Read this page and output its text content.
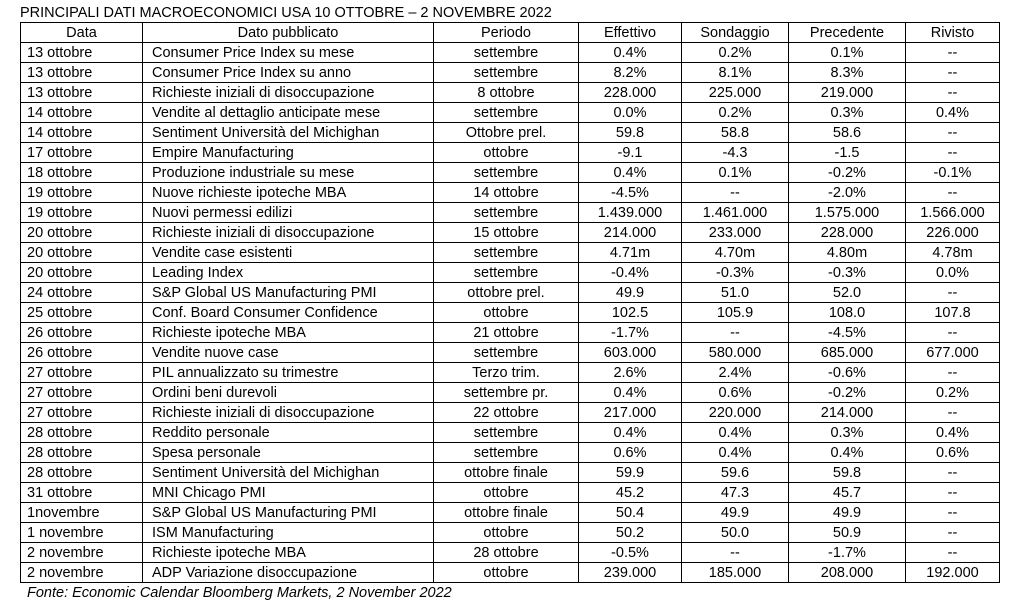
PRINCIPALI DATI MACROECONOMICI USA 10 OTTOBRE – 2 NOVEMBRE 2022
Data	Dato pubblicato	Periodo	Effettivo	Sondaggio	Precedente	Rivisto
13 ottobre	Consumer Price Index su mese	settembre	0.4%	0.2%	0.1%	--
13 ottobre	Consumer Price Index su anno	settembre	8.2%	8.1%	8.3%	--
13 ottobre	Richieste iniziali di disoccupazione	8 ottobre	228.000	225.000	219.000	--
14 ottobre	Vendite al dettaglio anticipate mese	settembre	0.0%	0.2%	0.3%	0.4%
14 ottobre	Sentiment Università del Michighan	Ottobre prel.	59.8	58.8	58.6	--
17 ottobre	Empire Manufacturing	ottobre	-9.1	-4.3	-1.5	--
18 ottobre	Produzione industriale su mese	settembre	0.4%	0.1%	-0.2%	-0.1%
19 ottobre	Nuove richieste ipoteche MBA	14 ottobre	-4.5%	--	-2.0%	--
19 ottobre	Nuovi permessi edilizi	settembre	1.439.000	1.461.000	1.575.000	1.566.000
20 ottobre	Richieste iniziali di disoccupazione	15 ottobre	214.000	233.000	228.000	226.000
20 ottobre	Vendite case esistenti	settembre	4.71m	4.70m	4.80m	4.78m
20 ottobre	Leading Index	settembre	-0.4%	-0.3%	-0.3%	0.0%
24 ottobre	S&P Global US Manufacturing PMI	ottobre prel.	49.9	51.0	52.0	--
25 ottobre	Conf. Board Consumer Confidence	ottobre	102.5	105.9	108.0	107.8
26 ottobre	Richieste ipoteche MBA	21 ottobre	-1.7%	--	-4.5%	--
26 ottobre	Vendite nuove case	settembre	603.000	580.000	685.000	677.000
27 ottobre	PIL annualizzato su trimestre	Terzo trim.	2.6%	2.4%	-0.6%	--
27 ottobre	Ordini beni durevoli	settembre pr.	0.4%	0.6%	-0.2%	0.2%
27 ottobre	Richieste iniziali di disoccupazione	22 ottobre	217.000	220.000	214.000	--
28 ottobre	Reddito personale	settembre	0.4%	0.4%	0.3%	0.4%
28 ottobre	Spesa personale	settembre	0.6%	0.4%	0.4%	0.6%
28 ottobre	Sentiment Università del Michighan	ottobre finale	59.9	59.6	59.8	--
31 ottobre	MNI Chicago PMI	ottobre	45.2	47.3	45.7	--
1novembre	S&P Global US Manufacturing PMI	ottobre finale	50.4	49.9	49.9	--
1 novembre	ISM Manufacturing	ottobre	50.2	50.0	50.9	--
2 novembre	Richieste ipoteche MBA	28 ottobre	-0.5%	--	-1.7%	--
2 novembre	ADP Variazione disoccupazione	ottobre	239.000	185.000	208.000	192.000
Fonte: Economic Calendar Bloomberg Markets, 2 November 2022
